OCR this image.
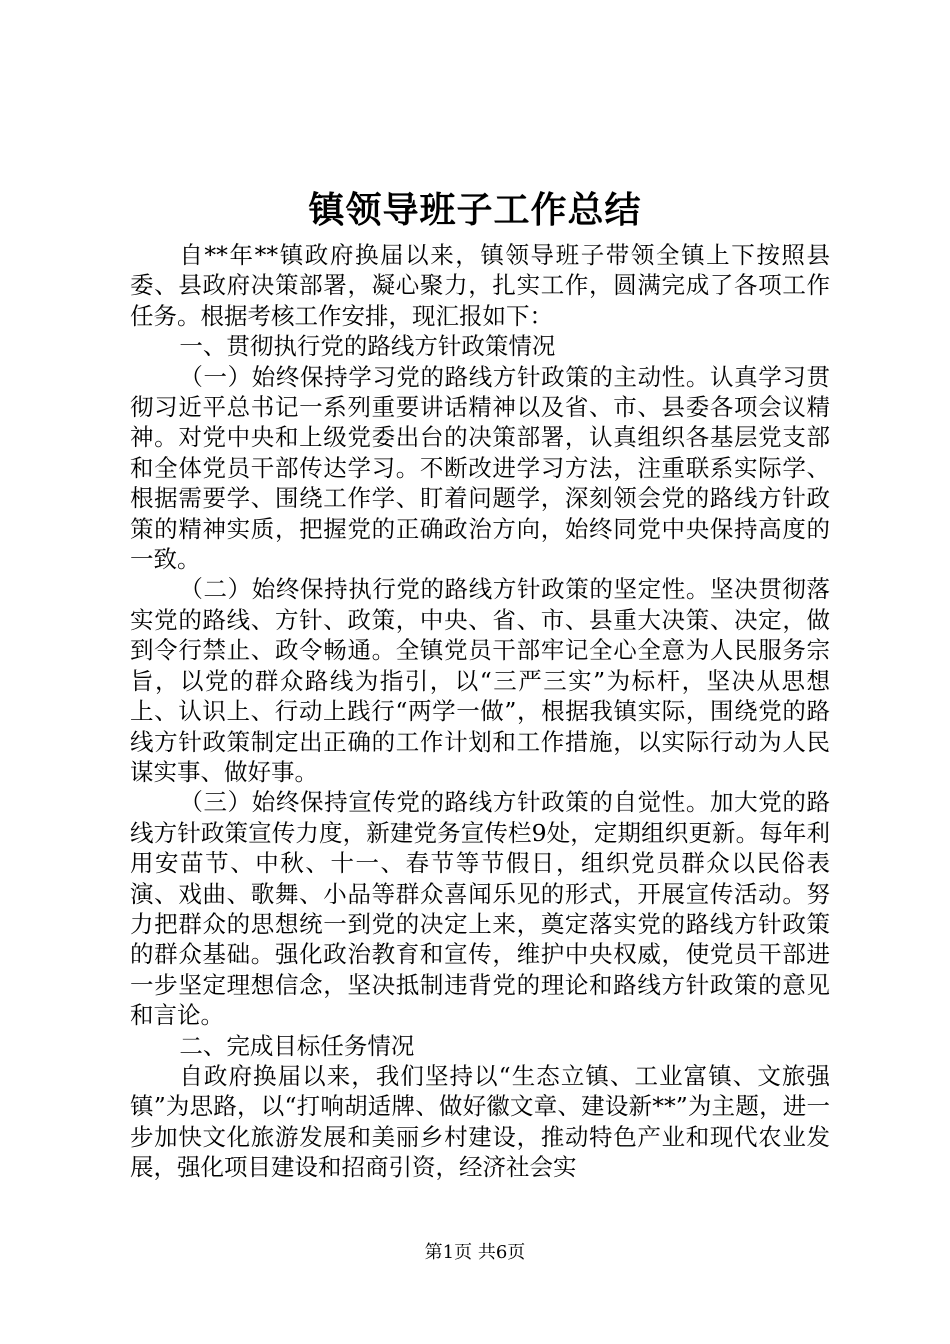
镇领导班子工作总结

自**年**镇政府换届以来，镇领导班子带领全镇上下按照县委、县政府决策部署，凝心聚力，扎实工作，圆满完成了各项工作任务。根据考核工作安排，现汇报如下：

一、贯彻执行党的路线方针政策情况

（一）始终保持学习党的路线方针政策的主动性。认真学习贯彻习近平总书记一系列重要讲话精神以及省、市、县委各项会议精神。对党中央和上级党委出台的决策部署，认真组织各基层党支部和全体党员干部传达学习。不断改进学习方法，注重联系实际学、根据需要学、围绕工作学、盯着问题学，深刻领会党的路线方针政策的精神实质，把握党的正确政治方向，始终同党中央保持高度的一致。

（二）始终保持执行党的路线方针政策的坚定性。坚决贯彻落实党的路线、方针、政策，中央、省、市、县重大决策、决定，做到令行禁止、政令畅通。全镇党员干部牢记全心全意为人民服务宗旨，以党的群众路线为指引，以“三严三实”为标杆，坚决从思想上、认识上、行动上践行“两学一做”，根据我镇实际，围绕党的路线方针政策制定出正确的工作计划和工作措施，以实际行动为人民谋实事、做好事。

（三）始终保持宣传党的路线方针政策的自觉性。加大党的路线方针政策宣传力度，新建党务宣传栏9处，定期组织更新。每年利用安苗节、中秋、十一、春节等节假日，组织党员群众以民俗表演、戏曲、歌舞、小品等群众喜闻乐见的形式，开展宣传活动。努力把群众的思想统一到党的决定上来，奠定落实党的路线方针政策的群众基础。强化政治教育和宣传，维护中央权威，使党员干部进一步坚定理想信念，坚决抵制违背党的理论和路线方针政策的意见和言论。

二、完成目标任务情况

自政府换届以来，我们坚持以“生态立镇、工业富镇、文旅强镇”为思路，以“打响胡适牌、做好徽文章、建设新**”为主题，进一步加快文化旅游发展和美丽乡村建设，推动特色产业和现代农业发展，强化项目建设和招商引资，经济社会实

第1页 共6页
